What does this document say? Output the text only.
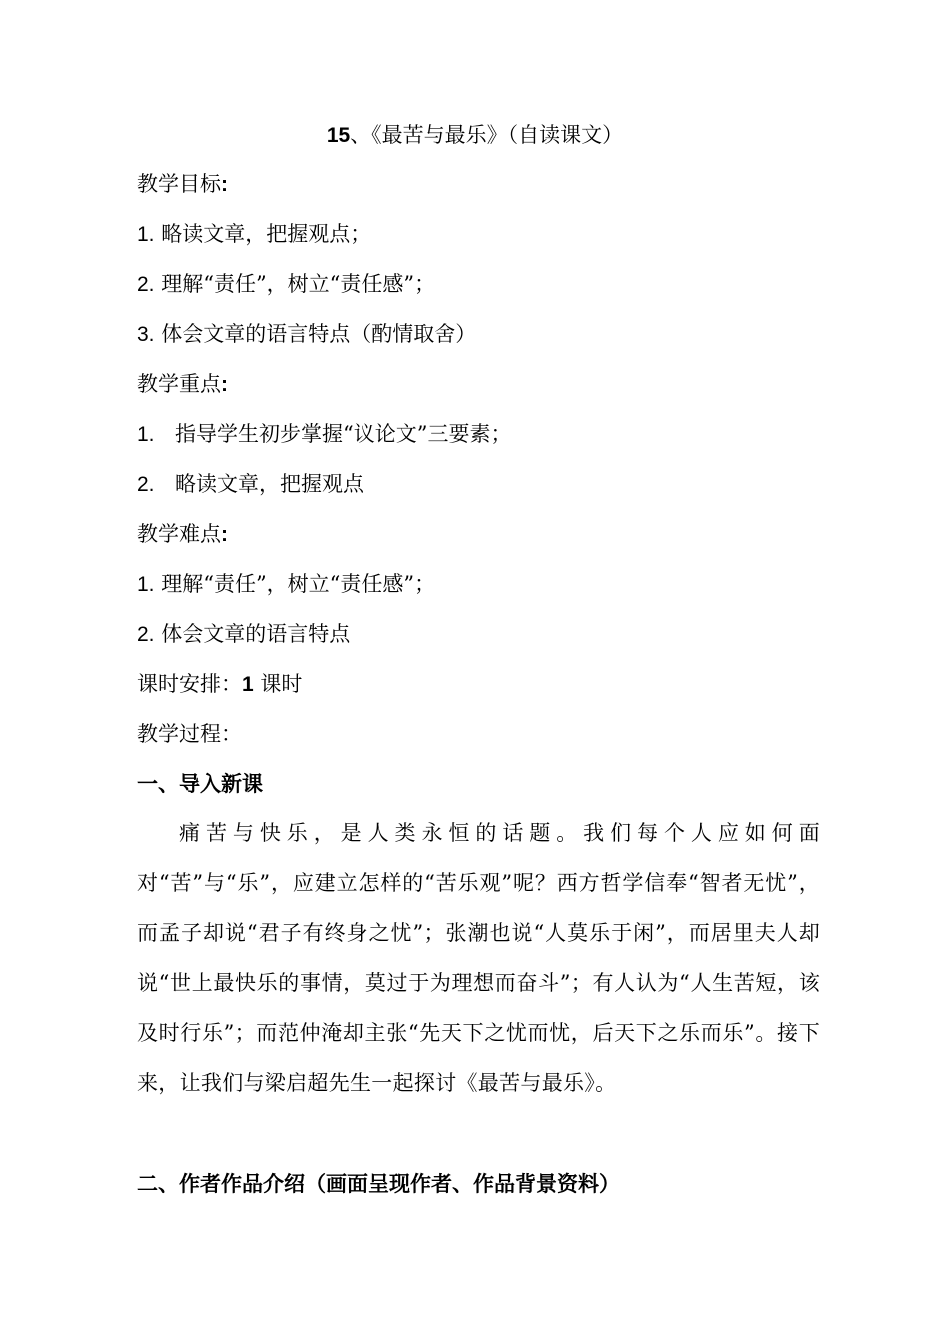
15、《最苦与最乐》（自读课文）
教学目标:
1. 略读文章，把握观点；
2. 理解“责任”，树立“责任感”；
3. 体会文章的语言特点（酌情取舍）
教学重点:
1. 指导学生初步掌握“议论文”三要素；
2. 略读文章，把握观点
教学难点:
1. 理解“责任”，树立“责任感”；
2. 体会文章的语言特点
课时安排：1 课时
教学过程：
一、导入新课
痛苦与快乐，是人类永恒的话题。我们每个人应如何面对“苦”与“乐”，应建立怎样的“苦乐观”呢？西方哲学信奉“智者无忧”，而孟子却说“君子有终身之忧”；张潮也说“人莫乐于闲”，而居里夫人却说“世上最快乐的事情，莫过于为理想而奋斗”；有人认为“人生苦短，该及时行乐”；而范仲淹却主张“先天下之忧而忧，后天下之乐而乐”。接下来，让我们与梁启超先生一起探讨《最苦与最乐》。
二、作者作品介绍（画面呈现作者、作品背景资料）
